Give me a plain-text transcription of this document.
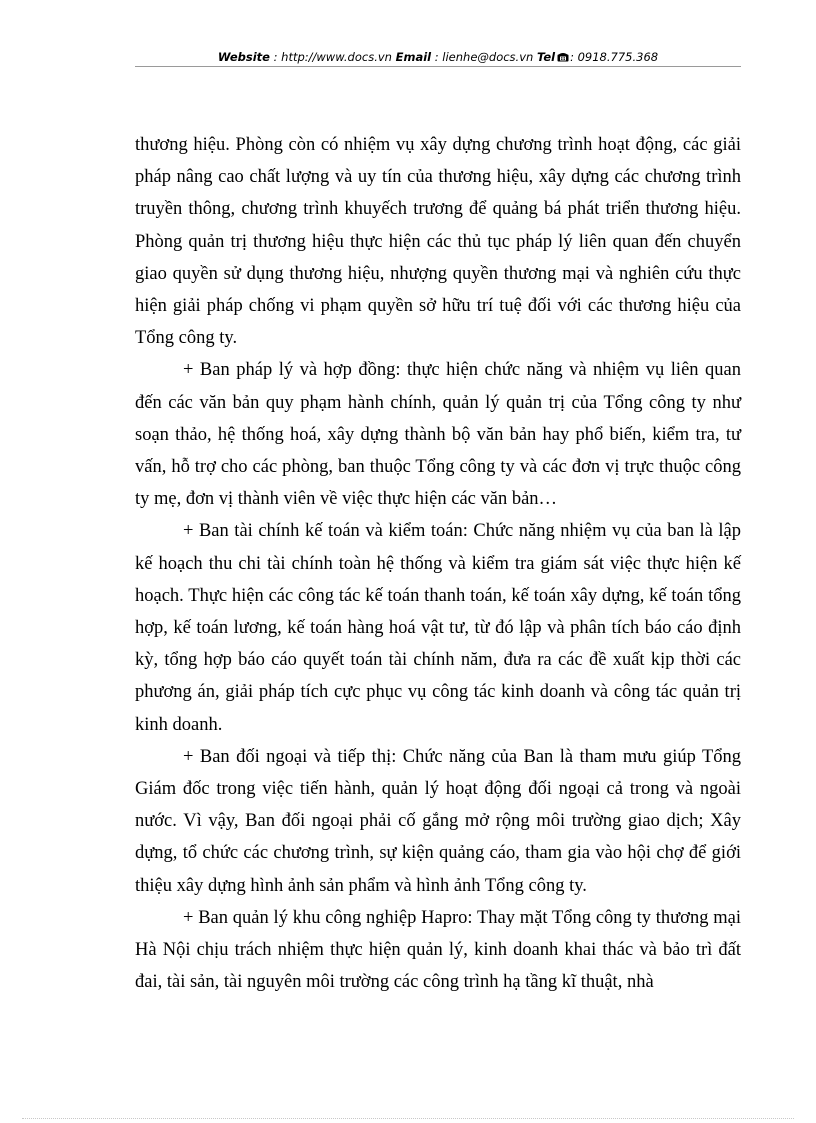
Website : http://www.docs.vn Email : lienhe@docs.vn Tel : 0918.775.368

thương hiệu. Phòng còn có nhiệm vụ xây dựng chương trình hoạt động, các giải pháp nâng cao chất lượng và uy tín của thương hiệu, xây dựng các chương trình truyền thông, chương trình khuyếch trương để quảng bá phát triển thương hiệu. Phòng quản trị thương hiệu thực hiện các thủ tục pháp lý liên quan đến chuyển giao quyền sử dụng thương hiệu, nhượng quyền thương mại và nghiên cứu thực hiện giải pháp chống vi phạm quyền sở hữu trí tuệ đối với các thương hiệu của Tổng công ty.

+ Ban pháp lý và hợp đồng: thực hiện chức năng và nhiệm vụ liên quan đến các văn bản quy phạm hành chính, quản lý quản trị của Tổng công ty như soạn thảo, hệ thống hoá, xây dựng thành bộ văn bản hay phổ biến, kiểm tra, tư vấn, hỗ trợ cho các phòng, ban thuộc Tổng công ty và các đơn vị trực thuộc công ty mẹ, đơn vị thành viên về việc thực hiện các văn bản…

+ Ban tài chính kế toán và kiểm toán: Chức năng nhiệm vụ của ban là lập kế hoạch thu chi tài chính toàn hệ thống và kiểm tra giám sát việc thực hiện kế hoạch. Thực hiện các công tác kế toán thanh toán, kế toán xây dựng, kế toán tổng hợp, kế toán lương, kế toán hàng hoá vật tư, từ đó lập và phân tích báo cáo định kỳ, tổng hợp báo cáo quyết toán tài chính năm, đưa ra các đề xuất kịp thời các phương án, giải pháp tích cực phục vụ công tác kinh doanh và công tác quản trị kinh doanh.

+ Ban đối ngoại và tiếp thị: Chức năng của Ban là tham mưu giúp Tổng Giám đốc trong việc tiến hành, quản lý hoạt động đối ngoại cả trong và ngoài nước. Vì vậy, Ban đối ngoại phải cố gắng mở rộng môi trường giao dịch; Xây dựng, tổ chức các chương trình, sự kiện quảng cáo, tham gia vào hội chợ để giới thiệu xây dựng hình ảnh sản phẩm và hình ảnh Tổng công ty.

+ Ban quản lý khu công nghiệp Hapro: Thay mặt Tổng công ty thương mại Hà Nội chịu trách nhiệm thực hiện quản lý, kinh doanh khai thác và bảo trì đất đai, tài sản, tài nguyên môi trường các công trình hạ tầng kĩ thuật, nhà
